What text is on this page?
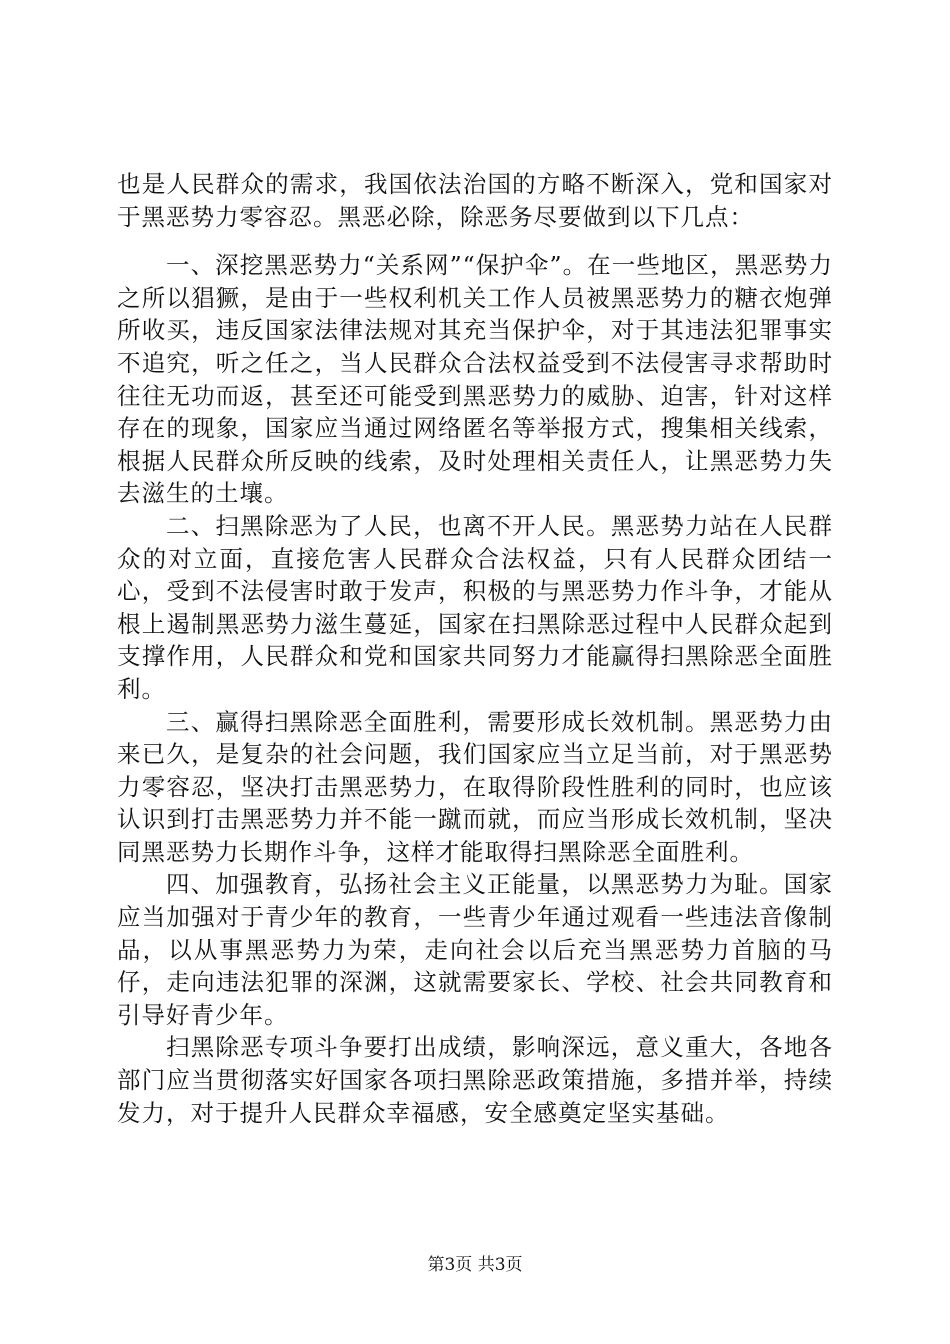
也是人民群众的需求，我国依法治国的方略不断深入，党和国家对于黑恶势力零容忍。黑恶必除，除恶务尽要做到以下几点：

一、深挖黑恶势力“关系网”“保护伞”。在一些地区，黑恶势力之所以猖獗，是由于一些权利机关工作人员被黑恶势力的糖衣炮弹所收买，违反国家法律法规对其充当保护伞，对于其违法犯罪事实不追究，听之任之，当人民群众合法权益受到不法侵害寻求帮助时往往无功而返，甚至还可能受到黑恶势力的威胁、迫害，针对这样存在的现象，国家应当通过网络匿名等举报方式，搜集相关线索，根据人民群众所反映的线索，及时处理相关责任人，让黑恶势力失去滋生的土壤。

二、扫黑除恶为了人民，也离不开人民。黑恶势力站在人民群众的对立面，直接危害人民群众合法权益，只有人民群众团结一心，受到不法侵害时敢于发声，积极的与黑恶势力作斗争，才能从根上遏制黑恶势力滋生蔓延，国家在扫黑除恶过程中人民群众起到支撑作用，人民群众和党和国家共同努力才能赢得扫黑除恶全面胜利。

三、赢得扫黑除恶全面胜利，需要形成长效机制。黑恶势力由来已久，是复杂的社会问题，我们国家应当立足当前，对于黑恶势力零容忍，坚决打击黑恶势力，在取得阶段性胜利的同时，也应该认识到打击黑恶势力并不能一蹴而就，而应当形成长效机制，坚决同黑恶势力长期作斗争，这样才能取得扫黑除恶全面胜利。

四、加强教育，弘扬社会主义正能量，以黑恶势力为耻。国家应当加强对于青少年的教育，一些青少年通过观看一些违法音像制品，以从事黑恶势力为荣，走向社会以后充当黑恶势力首脑的马仔，走向违法犯罪的深渊，这就需要家长、学校、社会共同教育和引导好青少年。

扫黑除恶专项斗争要打出成绩，影响深远，意义重大，各地各部门应当贯彻落实好国家各项扫黑除恶政策措施，多措并举，持续发力，对于提升人民群众幸福感，安全感奠定坚实基础。

第3页 共3页
